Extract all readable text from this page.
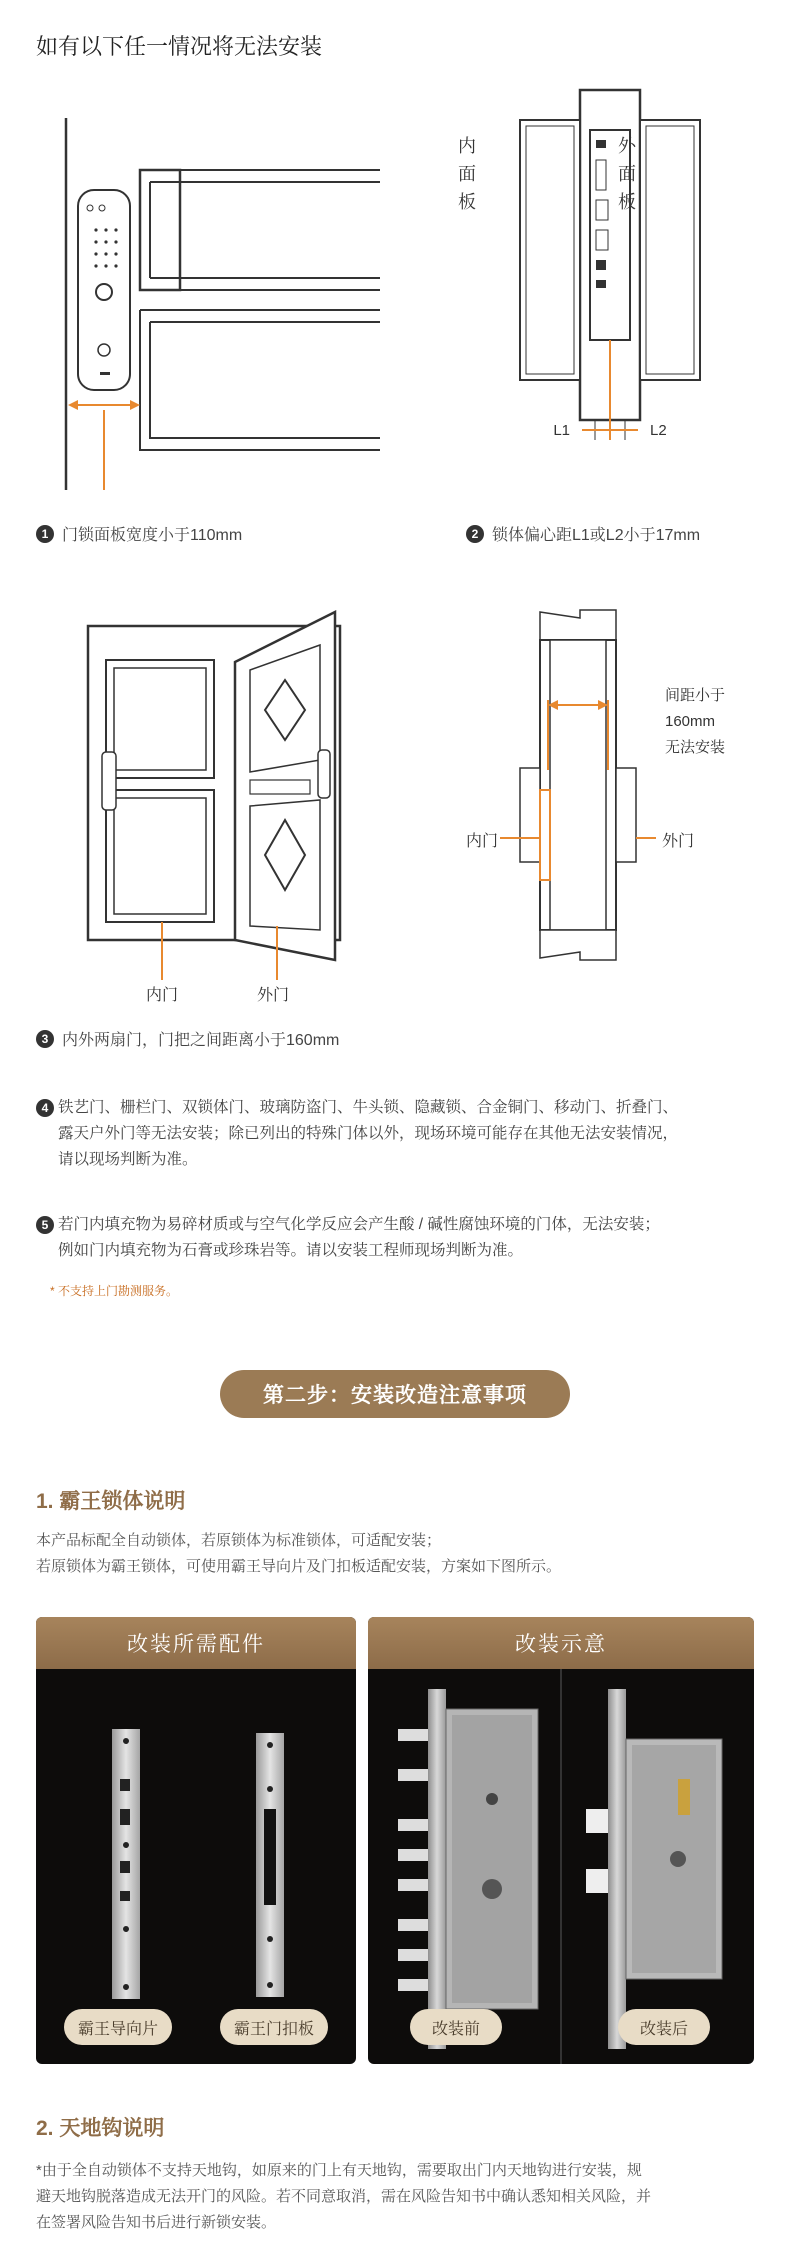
如有以下任一情况将无法安装
L1	L2
内
面
板
外
面
板
1 门锁面板宽度小于110mm	2 锁体偏心距L1或L2小于17mm
内门	外门
间距小于
160mm
无法安装
内门	外门
3 内外两扇门，门把之间距离小于160mm
4 铁艺门、栅栏门、双锁体门、玻璃防盗门、牛头锁、隐藏锁、合金铜门、移动门、折叠门、
露天户外门等无法安装；除已列出的特殊门体以外，现场环境可能存在其他无法安装情况，
请以现场判断为准。
5 若门内填充物为易碎材质或与空气化学反应会产生酸 / 碱性腐蚀环境的门体，无法安装；
例如门内填充物为石膏或珍珠岩等。请以安装工程师现场判断为准。
* 不支持上门勘测服务。
第二步：安装改造注意事项
1. 霸王锁体说明
本产品标配全自动锁体，若原锁体为标准锁体，可适配安装；
若原锁体为霸王锁体，可使用霸王导向片及门扣板适配安装，方案如下图所示。
改装所需配件
霸王导向片	霸王门扣板
改装示意
改装前	改装后
2. 天地钩说明
*由于全自动锁体不支持天地钩，如原来的门上有天地钩，需要取出门内天地钩进行安装，规
避天地钩脱落造成无法开门的风险。若不同意取消，需在风险告知书中确认悉知相关风险，并
在签署风险告知书后进行新锁安装。
